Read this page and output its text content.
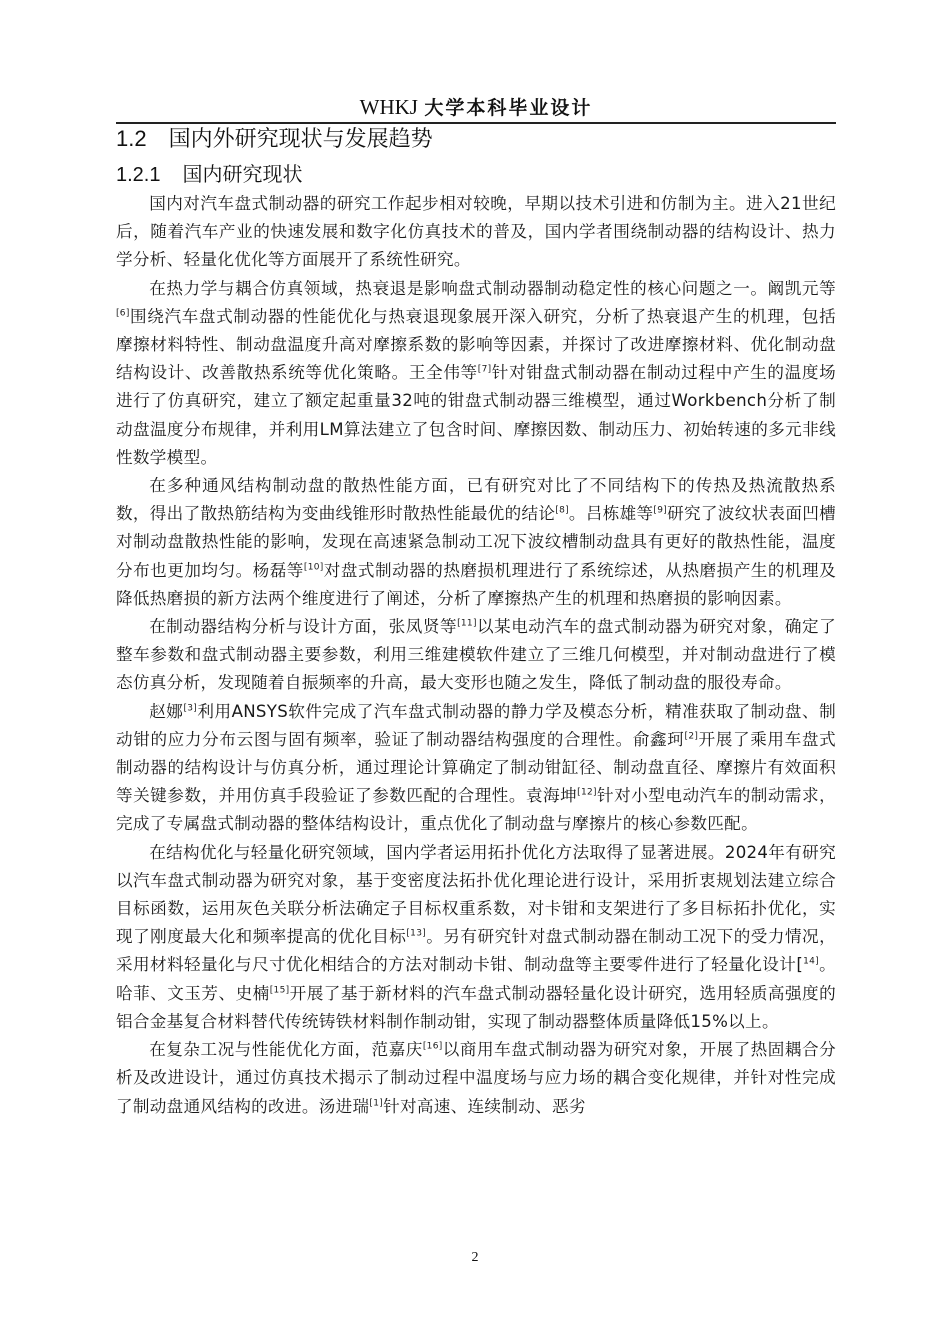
WHKJ 大学本科毕业设计
1.2 国内外研究现状与发展趋势
1.2.1 国内研究现状

国内对汽车盘式制动器的研究工作起步相对较晚，早期以技术引进和仿制为主。进入21世纪后，随着汽车产业的快速发展和数字化仿真技术的普及，国内学者围绕制动器的结构设计、热力学分析、轻量化优化等方面展开了系统性研究。

在热力学与耦合仿真领域，热衰退是影响盘式制动器制动稳定性的核心问题之一。阚凯元等[6]围绕汽车盘式制动器的性能优化与热衰退现象展开深入研究，分析了热衰退产生的机理，包括摩擦材料特性、制动盘温度升高对摩擦系数的影响等因素，并探讨了改进摩擦材料、优化制动盘结构设计、改善散热系统等优化策略。王全伟等[7]针对钳盘式制动器在制动过程中产生的温度场进行了仿真研究，建立了额定起重量32吨的钳盘式制动器三维模型，通过Workbench分析了制动盘温度分布规律，并利用LM算法建立了包含时间、摩擦因数、制动压力、初始转速的多元非线性数学模型。

在多种通风结构制动盘的散热性能方面，已有研究对比了不同结构下的传热及热流散热系数，得出了散热筋结构为变曲线锥形时散热性能最优的结论[8]。吕栋雄等[9]研究了波纹状表面凹槽对制动盘散热性能的影响，发现在高速紧急制动工况下波纹槽制动盘具有更好的散热性能，温度分布也更加均匀。杨磊等[10]对盘式制动器的热磨损机理进行了系统综述，从热磨损产生的机理及降低热磨损的新方法两个维度进行了阐述，分析了摩擦热产生的机理和热磨损的影响因素。

在制动器结构分析与设计方面，张凤贤等[11]以某电动汽车的盘式制动器为研究对象，确定了整车参数和盘式制动器主要参数，利用三维建模软件建立了三维几何模型，并对制动盘进行了模态仿真分析，发现随着自振频率的升高，最大变形也随之发生，降低了制动盘的服役寿命。

赵娜[3]利用ANSYS软件完成了汽车盘式制动器的静力学及模态分析，精准获取了制动盘、制动钳的应力分布云图与固有频率，验证了制动器结构强度的合理性。俞鑫珂[2]开展了乘用车盘式制动器的结构设计与仿真分析，通过理论计算确定了制动钳缸径、制动盘直径、摩擦片有效面积等关键参数，并用仿真手段验证了参数匹配的合理性。袁海坤[12]针对小型电动汽车的制动需求，完成了专属盘式制动器的整体结构设计，重点优化了制动盘与摩擦片的核心参数匹配。

在结构优化与轻量化研究领域，国内学者运用拓扑优化方法取得了显著进展。2024年有研究以汽车盘式制动器为研究对象，基于变密度法拓扑优化理论进行设计，采用折衷规划法建立综合目标函数，运用灰色关联分析法确定子目标权重系数，对卡钳和支架进行了多目标拓扑优化，实现了刚度最大化和频率提高的优化目标[13]。另有研究针对盘式制动器在制动工况下的受力情况，采用材料轻量化与尺寸优化相结合的方法对制动卡钳、制动盘等主要零件进行了轻量化设计[$^{14]}$。哈菲、文玉芳、史楠[15]开展了基于新材料的汽车盘式制动器轻量化设计研究，选用轻质高强度的铝合金基复合材料替代传统铸铁材料制作制动钳，实现了制动器整体质量降低15%以上。

在复杂工况与性能优化方面，范嘉庆[16]以商用车盘式制动器为研究对象，开展了热固耦合分析及改进设计，通过仿真技术揭示了制动过程中温度场与应力场的耦合变化规律，并针对性完成了制动盘通风结构的改进。汤进瑞[1]针对高速、连续制动、恶劣

2
